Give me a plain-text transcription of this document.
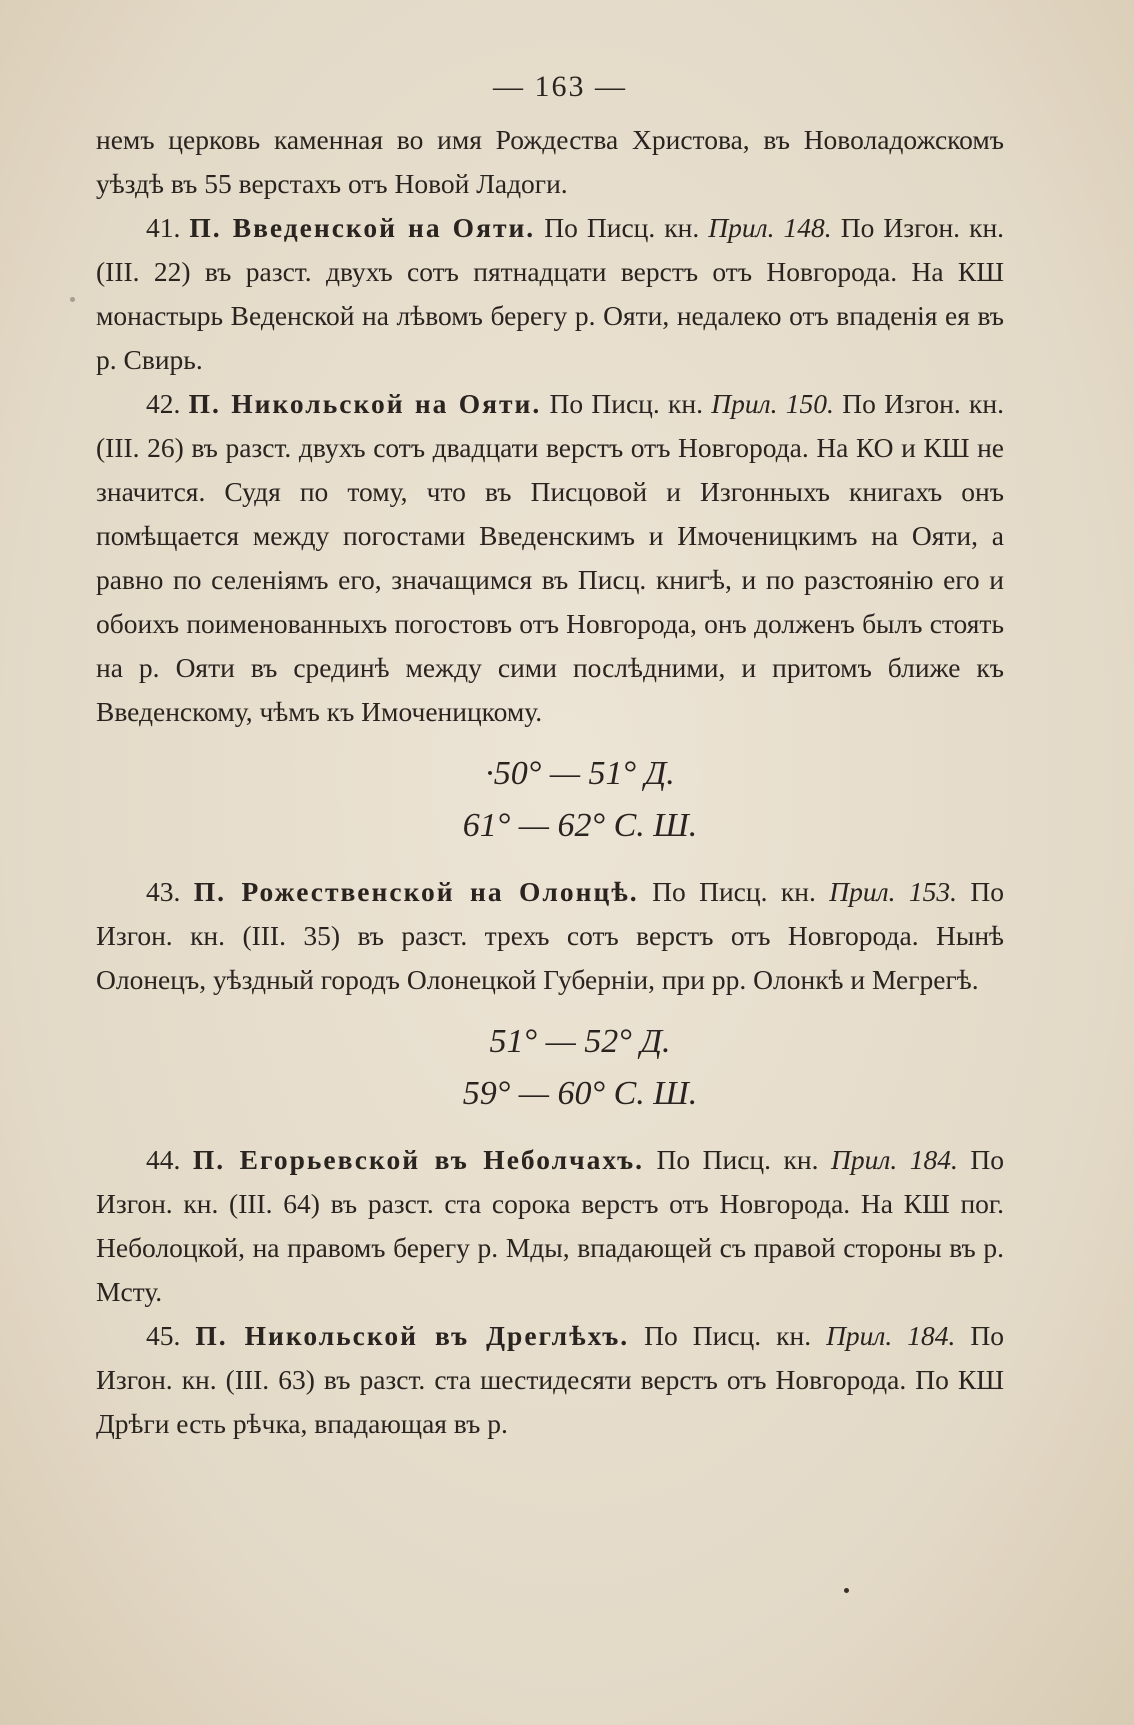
— 163 —

немъ церковь каменная во имя Рождества Христова, въ Новоладожскомъ уѣздѣ въ 55 верстахъ отъ Новой Ладоги.

41. П. Введенской на Ояти. По Писц. кн. Прил. 148. По Изгон. кн. (III. 22) въ разст. двухъ сотъ пятнадцати верстъ отъ Новгорода. На КШ монастырь Веденской на лѣвомъ берегу р. Ояти, недалеко отъ впаденія ея въ р. Свирь.

42. П. Никольской на Ояти. По Писц. кн. Прил. 150. По Изгон. кн. (III. 26) въ разст. двухъ сотъ двадцати верстъ отъ Новгорода. На КО и КШ не значится. Судя по тому, что въ Писцовой и Изгонныхъ книгахъ онъ помѣщается между погостами Введенскимъ и Имоченицкимъ на Ояти, а равно по селеніямъ его, значащимся въ Писц. книгѣ, и по разстоянію его и обоихъ поименованныхъ погостовъ отъ Новгорода, онъ долженъ былъ стоять на р. Ояти въ срединѣ между сими послѣдними, и притомъ ближе къ Введенскому, чѣмъ къ Имоченицкому.

·50° — 51° Д.

61° — 62° С. Ш.

43. П. Рожественской на Олонцѣ. По Писц. кн. Прил. 153. По Изгон. кн. (III. 35) въ разст. трехъ сотъ верстъ отъ Новгорода. Нынѣ Олонецъ, уѣздный городъ Олонецкой Губерніи, при рр. Олонкѣ и Мегрегѣ.

51° — 52° Д.

59° — 60° С. Ш.

44. П. Егорьевской въ Неболчахъ. По Писц. кн. Прил. 184. По Изгон. кн. (III. 64) въ разст. ста сорока верстъ отъ Новгорода. На КШ пог. Неболоцкой, на правомъ берегу р. Мды, впадающей съ правой стороны въ р. Мсту.

45. П. Никольской въ Дреглѣхъ. По Писц. кн. Прил. 184. По Изгон. кн. (III. 63) въ разст. ста шестидесяти верстъ отъ Новгорода. По КШ Дрѣги есть рѣчка, впадающая въ р.
